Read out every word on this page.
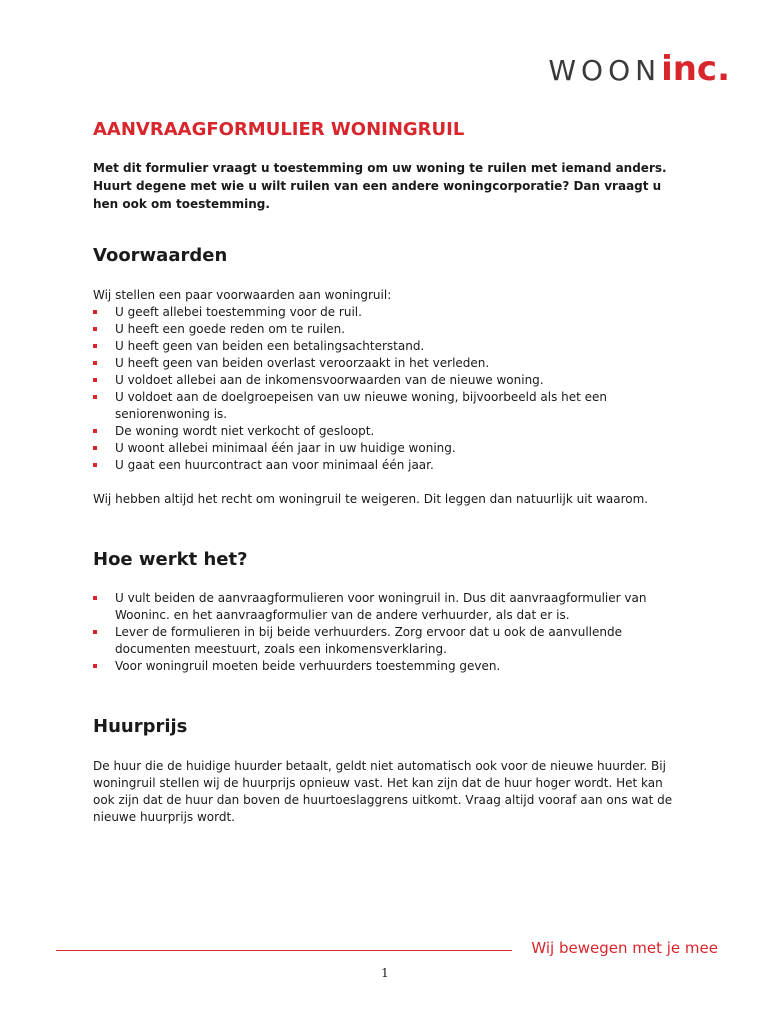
WOONinc.
AANVRAAGFORMULIER WONINGRUIL

Met dit formulier vraagt u toestemming om uw woning te ruilen met iemand anders. Huurt degene met wie u wilt ruilen van een andere woningcorporatie? Dan vraagt u hen ook om toestemming.

Voorwaarden

Wij stellen een paar voorwaarden aan woningruil:

U geeft allebei toestemming voor de ruil.
U heeft een goede reden om te ruilen.
U heeft geen van beiden een betalingsachterstand.
U heeft geen van beiden overlast veroorzaakt in het verleden.
U voldoet allebei aan de inkomensvoorwaarden van de nieuwe woning.
U voldoet aan de doelgroepeisen van uw nieuwe woning, bijvoorbeeld als het een seniorenwoning is.
De woning wordt niet verkocht of gesloopt.
U woont allebei minimaal één jaar in uw huidige woning.
U gaat een huurcontract aan voor minimaal één jaar.

Wij hebben altijd het recht om woningruil te weigeren. Dit leggen dan natuurlijk uit waarom.

Hoe werkt het?
U vult beiden de aanvraagformulieren voor woningruil in. Dus dit aanvraagformulier van Wooninc. en het aanvraagformulier van de andere verhuurder, als dat er is.
Lever de formulieren in bij beide verhuurders. Zorg ervoor dat u ook de aanvullende documenten meestuurt, zoals een inkomensverklaring.
Voor woningruil moeten beide verhuurders toestemming geven.
Huurprijs

De huur die de huidige huurder betaalt, geldt niet automatisch ook voor de nieuwe huurder. Bij woningruil stellen wij de huurprijs opnieuw vast. Het kan zijn dat de huur hoger wordt. Het kan ook zijn dat de huur dan boven de huurtoeslaggrens uitkomt. Vraag altijd vooraf aan ons wat de nieuwe huurprijs wordt.

Wij bewegen met je mee
1
